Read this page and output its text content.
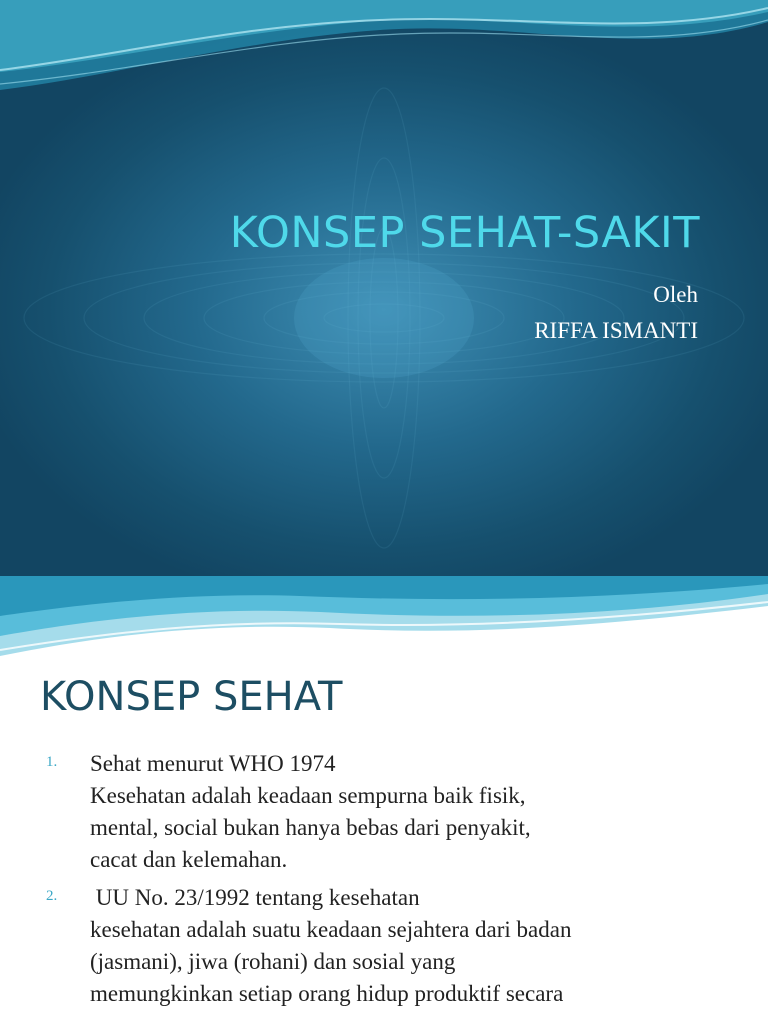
KONSEP SEHAT-SAKIT

Oleh

RIFFA ISMANTI

KONSEP SEHAT
1. Sehat menurut WHO 1974
Kesehatan adalah keadaan sempurna baik fisik,
mental, social bukan hanya bebas dari penyakit,
cacat dan kelemahan.
2. UU No. 23/1992 tentang kesehatan
kesehatan adalah suatu keadaan sejahtera dari badan
(jasmani), jiwa (rohani) dan sosial yang
memungkinkan setiap orang hidup produktif secara
